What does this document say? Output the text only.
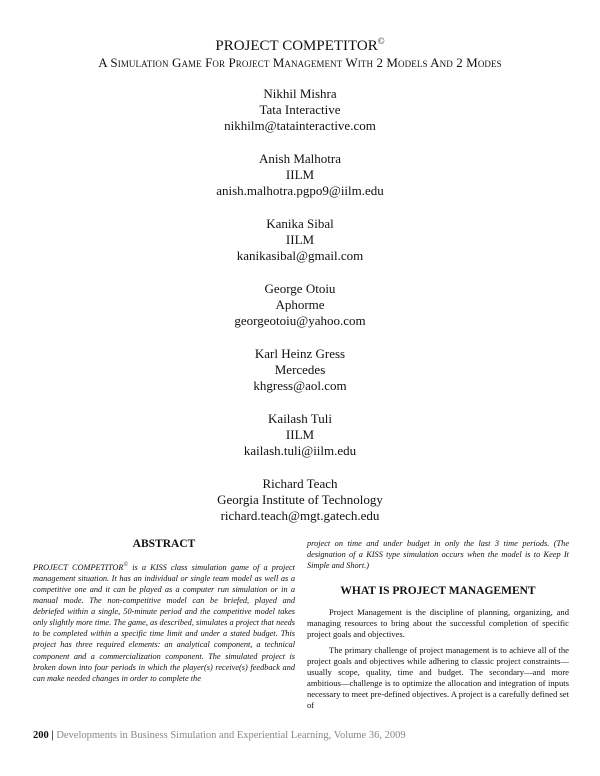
PROJECT COMPETITOR©
A Simulation Game For Project Management With 2 Models And 2 Modes
Nikhil Mishra
Tata Interactive
nikhilm@tatainteractive.com
Anish Malhotra
IILM
anish.malhotra.pgpo9@iilm.edu
Kanika Sibal
IILM
kanikasibal@gmail.com
George Otoiu
Aphorme
georgeotoiu@yahoo.com
Karl Heinz Gress
Mercedes
khgress@aol.com
Kailash Tuli
IILM
kailash.tuli@iilm.edu
Richard Teach
Georgia Institute of Technology
richard.teach@mgt.gatech.edu
ABSTRACT
PROJECT COMPETITOR© is a KISS class simulation game of a project management situation. It has an individual or single team model as well as a competitive one and it can be played as a computer run simulation or in a manual mode. The non-competitive model can be briefed, played and debriefed within a single, 50-minute period and the competitive model takes only slightly more time. The game, as described, simulates a project that needs to be completed within a specific time limit and under a stated budget. This project has three required elements: an analytical component, a technical component and a commercialization component. The simulated project is broken down into four periods in which the player(s) receive(s) feedback and can make needed changes in order to complete the
project on time and under budget in only the last 3 time periods. (The designation of a KISS type simulation occurs when the model is to Keep It Simple and Short.)
WHAT IS PROJECT MANAGEMENT

Project Management is the discipline of planning, organizing, and managing resources to bring about the successful completion of specific project goals and objectives.

The primary challenge of project management is to achieve all of the project goals and objectives while adhering to classic project constraints—usually scope, quality, time and budget. The secondary—and more ambitious—challenge is to optimize the allocation and integration of inputs necessary to meet pre-defined objectives. A project is a carefully defined set of

200 | Developments in Business Simulation and Experiential Learning, Volume 36, 2009
